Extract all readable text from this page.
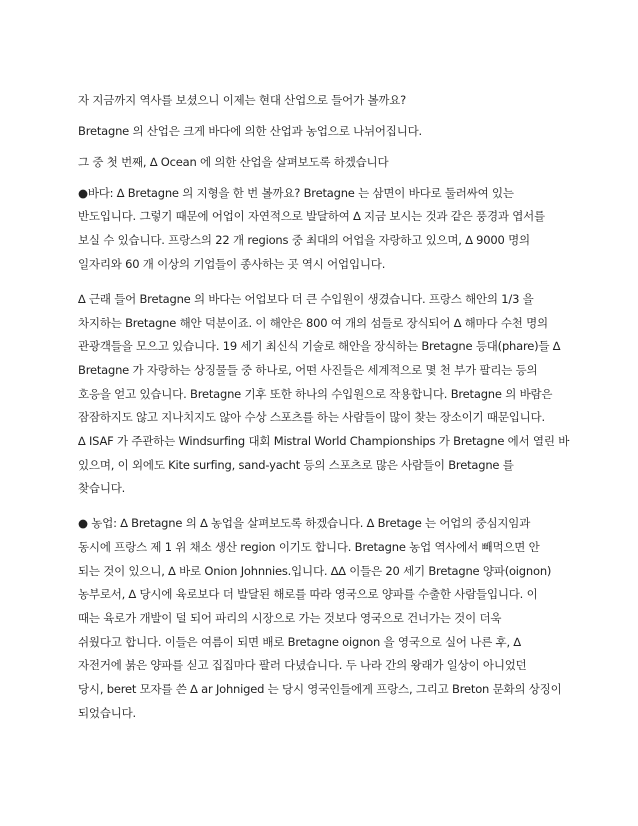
자 지금까지 역사를 보셨으니 이제는 현대 산업으로 들어가 볼까요?
Bretagne 의 산업은 크게 바다에 의한 산업과 농업으로 나뉘어집니다.
그 중 첫 번째, ∆ Ocean 에 의한 산업을 살펴보도록 하겠습니다
●바다: ∆ Bretagne 의 지형을 한 번 볼까요? Bretagne 는 삼면이 바다로 둘러싸여 있는
반도입니다. 그렇기 때문에 어업이 자연적으로 발달하여 ∆ 지금 보시는 것과 같은 풍경과 엽서를
보실 수 있습니다. 프랑스의 22 개 regions 중 최대의 어업을 자랑하고 있으며, ∆ 9000 명의
일자리와 60 개 이상의 기업들이 종사하는 곳 역시 어업입니다.
∆ 근래 들어 Bretagne 의 바다는 어업보다 더 큰 수입원이 생겼습니다. 프랑스 해안의 1/3 을
차지하는 Bretagne 해안 덕분이죠. 이 해안은 800 여 개의 섬들로 장식되어 ∆ 해마다 수천 명의
관광객들을 모으고 있습니다. 19 세기 최신식 기술로 해안을 장식하는 Bretagne 등대(phare)들 ∆
Bretagne 가 자랑하는 상징물들 중 하나로, 어떤 사진들은 세계적으로 몇 천 부가 팔리는 등의
호응을 얻고 있습니다. Bretagne 기후 또한 하나의 수입원으로 작용합니다. Bretagne 의 바람은
잠잠하지도 않고 지나치지도 않아 수상 스포츠를 하는 사람들이 많이 찾는 장소이기 때문입니다.
∆ ISAF 가 주관하는 Windsurfing 대회 Mistral World Championships 가 Bretagne 에서 열린 바
있으며, 이 외에도 Kite surfing, sand-yacht 등의 스포츠로 많은 사람들이 Bretagne 를
찾습니다.
● 농업: ∆ Bretagne 의 ∆ 농업을 살펴보도록 하겠습니다. ∆ Bretage 는 어업의 중심지임과
동시에 프랑스 제 1 위 채소 생산 region 이기도 합니다. Bretagne 농업 역사에서 빼먹으면 안
되는 것이 있으니, ∆ 바로 Onion Johnnies.입니다. ∆∆ 이들은 20 세기 Bretagne 양파(oignon)
농부로서, ∆ 당시에 육로보다 더 발달된 해로를 따라 영국으로 양파를 수출한 사람들입니다. 이
때는 육로가 개발이 덜 되어 파리의 시장으로 가는 것보다 영국으로 건너가는 것이 더욱
쉬웠다고 합니다. 이들은 여름이 되면 배로 Bretagne oignon 을 영국으로 실어 나른 후, ∆
자전거에 붉은 양파를 싣고 집집마다 팔러 다녔습니다. 두 나라 간의 왕래가 일상이 아니었던
당시, beret 모자를 쓴 ∆ ar Johniged 는 당시 영국인들에게 프랑스, 그리고 Breton 문화의 상징이
되었습니다.
